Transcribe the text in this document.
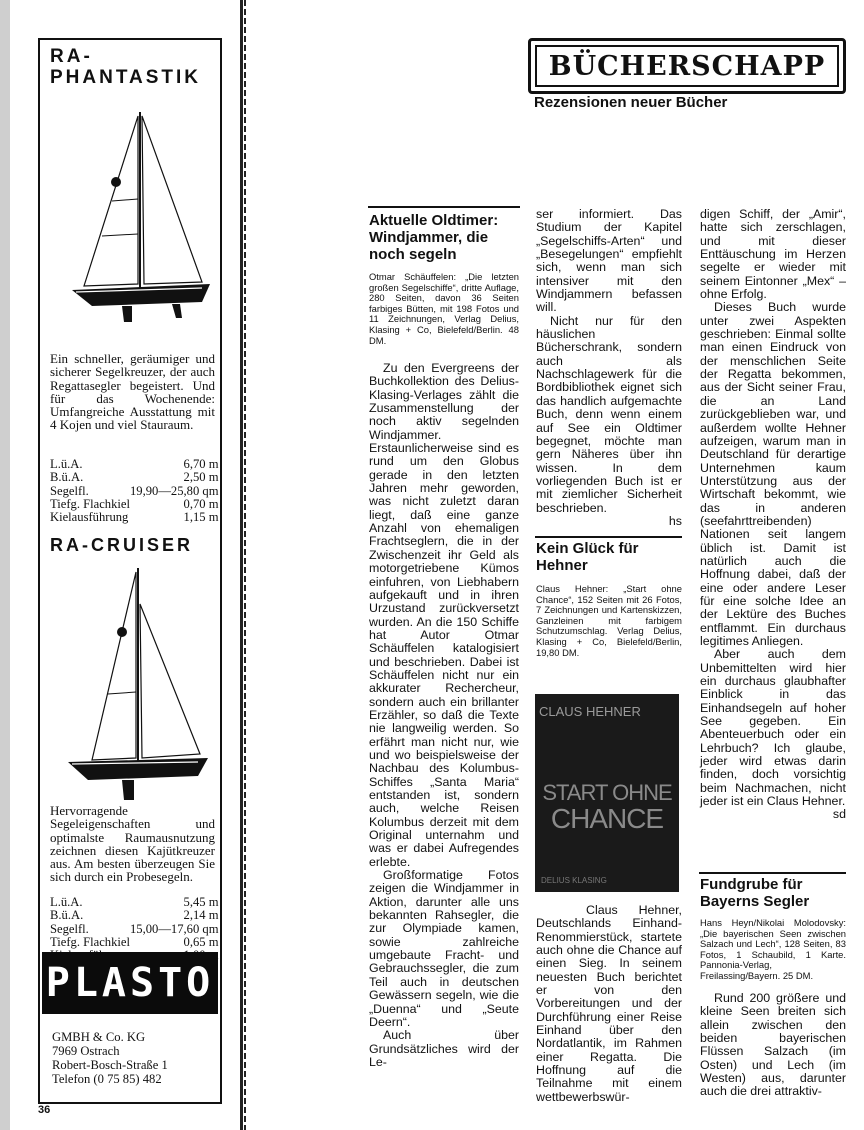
RA-
PHANTASTIK
Ein schneller, geräumiger und sicherer Segelkreuzer, der auch Regattasegler begeistert. Und für das Wochenende: Umfangreiche Ausstattung mit 4 Kojen und viel Stauraum.
L.ü.A.	6,70 m
B.ü.A.	2,50 m
Segelfl.	19,90—25,80 qm
Tiefg. Flachkiel	0,70 m
Kielausführung	1,15 m
RA-CRUISER
Hervorragende Segeleigenschaften und optimalste Raumausnutzung zeichnen diesen Kajütkreuzer aus. Am besten überzeugen Sie sich durch ein Probesegeln.
L.ü.A.	5,45 m
B.ü.A.	2,14 m
Segelfl.	15,00—17,60 qm
Tiefg. Flachkiel	0,65 m

PLASTO
GMBH & Co. KG
7969 Ostrach
Robert-Bosch-Straße 1
Telefon (0 75 85) 482
36
BÜCHERSCHAPP
Rezensionen neuer Bücher
Aktuelle Oldtimer: Windjammer, die noch segeln
Otmar Schäuffelen: „Die letzten großen Segelschiffe“, dritte Auflage, 280 Seiten, davon 36 Seiten farbiges Bütten, mit 198 Fotos und 11 Zeichnungen, Verlag Delius, Klasing + Co, Bielefeld/Berlin. 48 DM.

Zu den Evergreens der Buchkollektion des Delius-Klasing-Verlages zählt die Zusammenstellung der noch aktiv segelnden Windjammer. Erstaunlicherweise sind es rund um den Globus gerade in den letzten Jahren mehr geworden, was nicht zuletzt daran liegt, daß eine ganze Anzahl von ehemaligen Frachtseglern, die in der Zwischenzeit ihr Geld als motorgetriebene Kümos einfuhren, von Liebhabern aufgekauft und in ihren Urzustand zurückversetzt wurden. An die 150 Schiffe hat Autor Otmar Schäuffelen katalogisiert und beschrieben. Dabei ist Schäuffelen nicht nur ein akkurater Rechercheur, sondern auch ein brillanter Erzähler, so daß die Texte nie langweilig werden. So erfährt man nicht nur, wie und wo beispielsweise der Nachbau des Kolumbus-Schiffes „Santa Maria“ entstanden ist, sondern auch, welche Reisen Kolumbus derzeit mit dem Original unternahm und was er dabei Aufregendes erlebte.

Großformatige Fotos zeigen die Windjammer in Aktion, darunter alle uns bekannten Rahsegler, die zur Olympiade kamen, sowie zahlreiche umgebaute Fracht- und Gebrauchssegler, die zum Teil auch in deutschen Gewässern segeln, wie die „Duenna“ und „Seute Deern“.

Auch über Grundsätzliches wird der Le-

ser informiert. Das Studium der Kapitel „Segelschiffs-Arten“ und „Besegelungen“ empfiehlt sich, wenn man sich intensiver mit den Windjammern befassen will.

Nicht nur für den häuslichen Bücherschrank, sondern auch als Nachschlagewerk für die Bordbibliothek eignet sich das handlich aufgemachte Buch, denn wenn einem auf See ein Oldtimer begegnet, möchte man gern Näheres über ihn wissen. In dem vorliegenden Buch ist er mit ziemlicher Sicherheit beschrieben.

hs

Kein Glück für Hehner
Claus Hehner: „Start ohne Chance“, 152 Seiten mit 26 Fotos, 7 Zeichnungen und Kartenskizzen, Ganzleinen mit farbigem Schutzumschlag. Verlag Delius, Klasing + Co, Bielefeld/Berlin, 19,80 DM.
CLAUS HEHNER
START OHNE
CHANCE
DELIUS KLASING

Claus Hehner, Deutschlands Einhand-Renommierstück, startete auch ohne die Chance auf einen Sieg. In seinem neuesten Buch berichtet er von den Vorbereitungen und der Durchführung einer Reise Einhand über den Nordatlantik, im Rahmen einer Regatta. Die Hoffnung auf die Teilnahme mit einem wettbewerbswür-

digen Schiff, der „Amir“, hatte sich zerschlagen, und mit dieser Enttäuschung im Herzen segelte er wieder mit seinem Eintonner „Mex“ – ohne Erfolg.

Dieses Buch wurde unter zwei Aspekten geschrieben: Einmal sollte man einen Eindruck von der menschlichen Seite der Regatta bekommen, aus der Sicht seiner Frau, die an Land zurückgeblieben war, und außerdem wollte Hehner aufzeigen, warum man in Deutschland für derartige Unternehmen kaum Unterstützung aus der Wirtschaft bekommt, wie das in anderen (seefahrttreibenden) Nationen seit langem üblich ist. Damit ist natürlich auch die Hoffnung dabei, daß der eine oder andere Leser für eine solche Idee an der Lektüre des Buches entflammt. Ein durchaus legitimes Anliegen.

Aber auch dem Unbemittelten wird hier ein durchaus glaubhafter Einblick in das Einhandsegeln auf hoher See gegeben. Ein Abenteuerbuch oder ein Lehrbuch? Ich glaube, jeder wird etwas darin finden, doch vorsichtig beim Nachmachen, nicht jeder ist ein Claus Hehner.

sd

Fundgrube für Bayerns Segler
Hans Heyn/Nikolai Molodovsky: „Die bayerischen Seen zwischen Salzach und Lech“, 128 Seiten, 83 Fotos, 1 Schaubild, 1 Karte. Pannonia-Verlag, Freilassing/Bayern. 25 DM.

Rund 200 größere und kleine Seen breiten sich allein zwischen den beiden bayerischen Flüssen Salzach (im Osten) und Lech (im Westen) aus, darunter auch die drei attraktiv-
